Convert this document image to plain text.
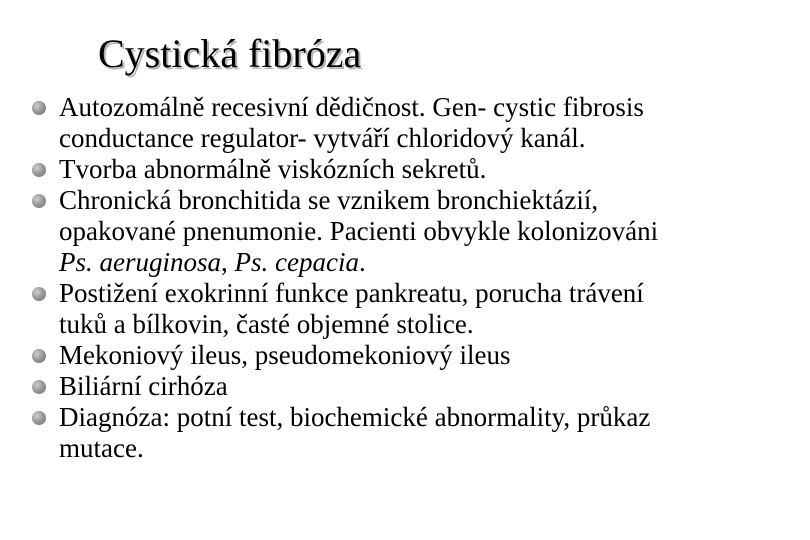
Cystická fibróza
Autozomálně recesivní dědičnost. Gen- cystic fibrosis
conductance regulator- vytváří chloridový kanál.
Tvorba abnormálně viskózních sekretů.
Chronická bronchitida se vznikem bronchiektázií,
opakované pnenumonie. Pacienti obvykle kolonizováni
Ps. aeruginosa, Ps. cepacia.
Postižení exokrinní funkce pankreatu, porucha trávení
tuků a bílkovin, časté objemné stolice.
Mekoniový ileus, pseudomekoniový ileus
Biliární cirhóza
Diagnóza: potní test, biochemické abnormality, průkaz
mutace.
